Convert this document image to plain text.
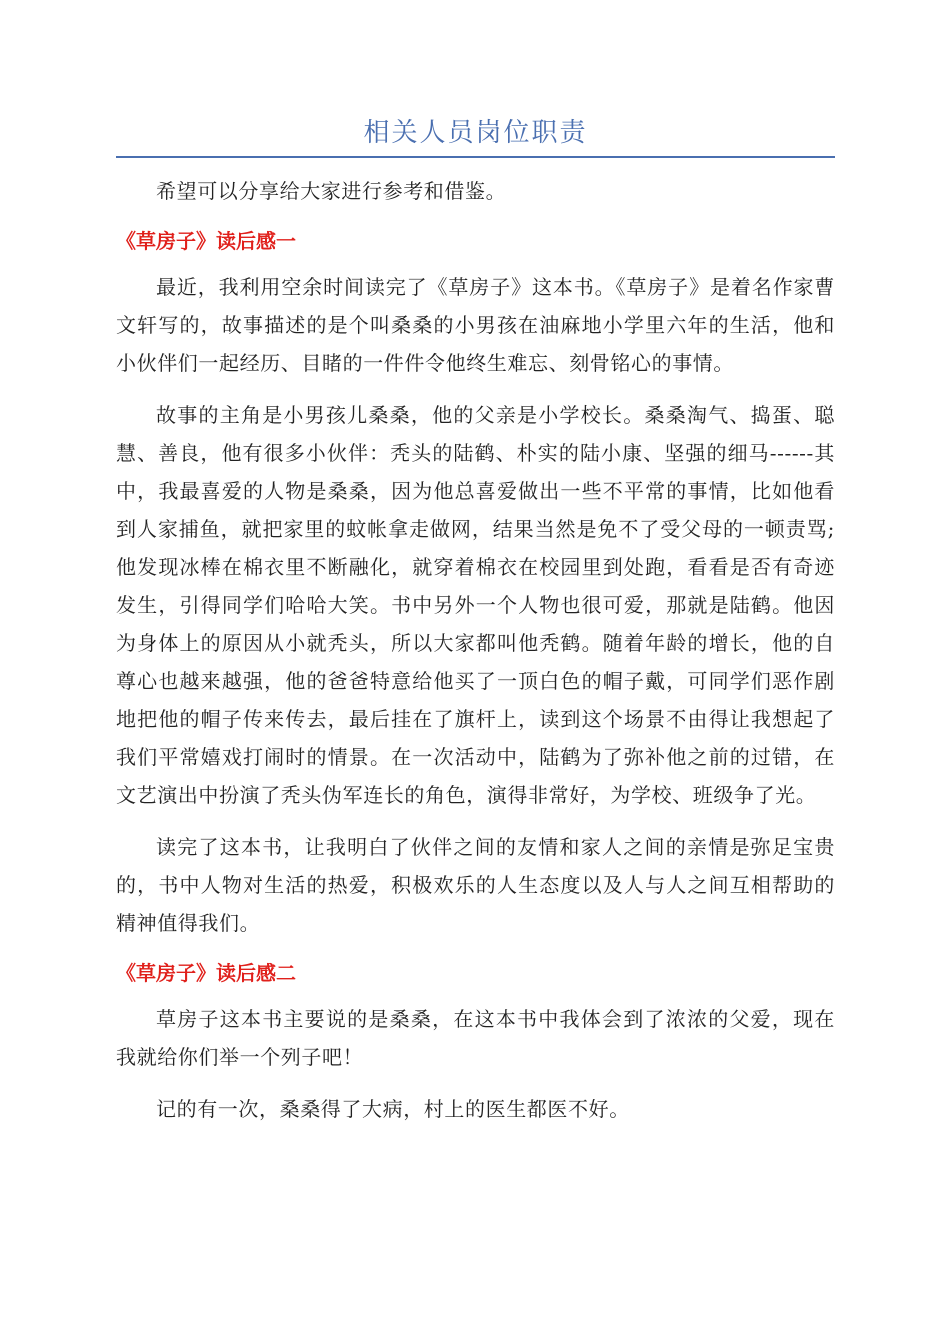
相关人员岗位职责

希望可以分享给大家进行参考和借鉴。

《草房子》读后感一

最近，我利用空余时间读完了《草房子》这本书。《草房子》是着名作家曹文轩写的，故事描述的是个叫桑桑的小男孩在油麻地小学里六年的生活，他和小伙伴们一起经历、目睹的一件件令他终生难忘、刻骨铭心的事情。

故事的主角是小男孩儿桑桑，他的父亲是小学校长。桑桑淘气、捣蛋、聪慧、善良，他有很多小伙伴：秃头的陆鹤、朴实的陆小康、坚强的细马------其中，我最喜爱的人物是桑桑，因为他总喜爱做出一些不平常的事情，比如他看到人家捕鱼，就把家里的蚊帐拿走做网，结果当然是免不了受父母的一顿责骂;他发现冰棒在棉衣里不断融化，就穿着棉衣在校园里到处跑，看看是否有奇迹发生，引得同学们哈哈大笑。书中另外一个人物也很可爱，那就是陆鹤。他因为身体上的原因从小就秃头，所以大家都叫他秃鹤。随着年龄的增长，他的自尊心也越来越强，他的爸爸特意给他买了一顶白色的帽子戴，可同学们恶作剧地把他的帽子传来传去，最后挂在了旗杆上，读到这个场景不由得让我想起了我们平常嬉戏打闹时的情景。在一次活动中，陆鹤为了弥补他之前的过错，在文艺演出中扮演了秃头伪军连长的角色，演得非常好，为学校、班级争了光。

读完了这本书，让我明白了伙伴之间的友情和家人之间的亲情是弥足宝贵的，书中人物对生活的热爱，积极欢乐的人生态度以及人与人之间互相帮助的精神值得我们。

《草房子》读后感二

草房子这本书主要说的是桑桑，在这本书中我体会到了浓浓的父爱，现在我就给你们举一个列子吧！

记的有一次，桑桑得了大病，村上的医生都医不好。
